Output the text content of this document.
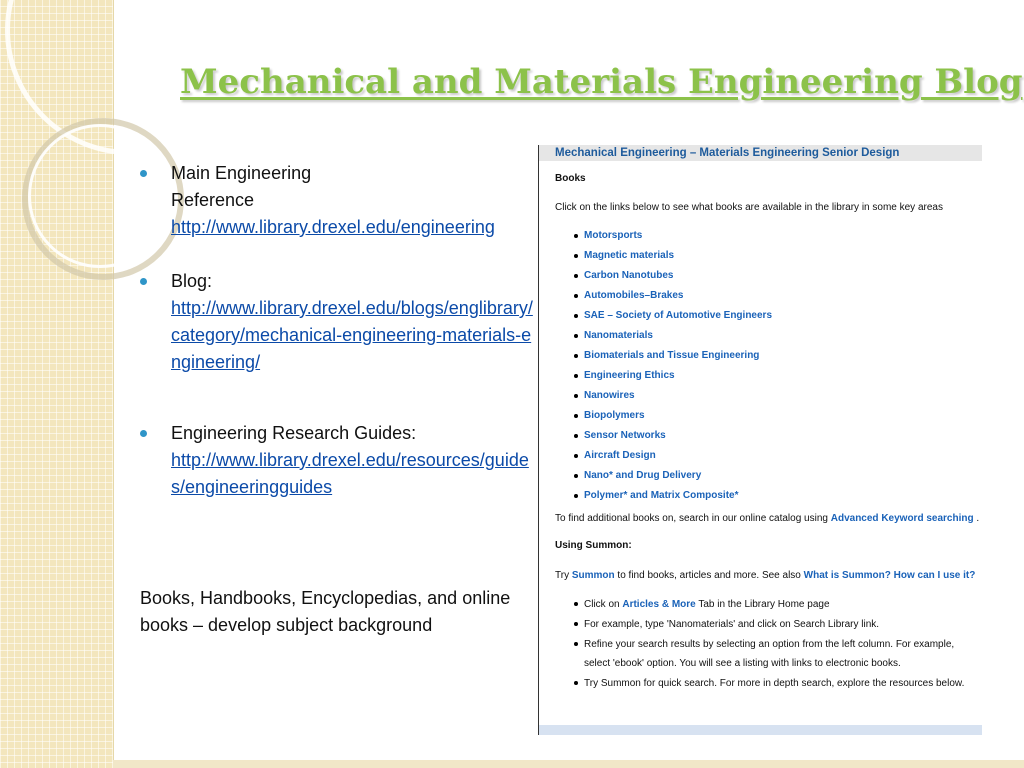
Mechanical and Materials Engineering Blog
Main Engineering
Reference
http://www.library.drexel.edu/engineering
Blog:
http://www.library.drexel.edu/blogs/englibrary/category/mechanical-engineering-materials-engineering/
Engineering Research Guides:
http://www.library.drexel.edu/resources/guides/engineeringguides
Books, Handbooks, Encyclopedias, and online books – develop subject background
Mechanical Engineering – Materials Engineering Senior Design
Books
Click on the links below to see what books are available in the library in some key areas
Motorsports
Magnetic materials
Carbon Nanotubes
Automobiles–Brakes
SAE – Society of Automotive Engineers
Nanomaterials
Biomaterials and Tissue Engineering
Engineering Ethics
Nanowires
Biopolymers
Sensor Networks
Aircraft Design
Nano* and Drug Delivery
Polymer* and Matrix Composite*
To find additional books on, search in our online catalog using Advanced Keyword searching .
Using Summon:
Try Summon to find books, articles and more. See also What is Summon? How can I use it?
Click on Articles & More Tab in the Library Home page
For example, type 'Nanomaterials' and click on Search Library link.
Refine your search results by selecting an option from the left column. For example, select 'ebook' option. You will see a listing with links to electronic books.
Try Summon for quick search. For more in depth search, explore the resources below.
